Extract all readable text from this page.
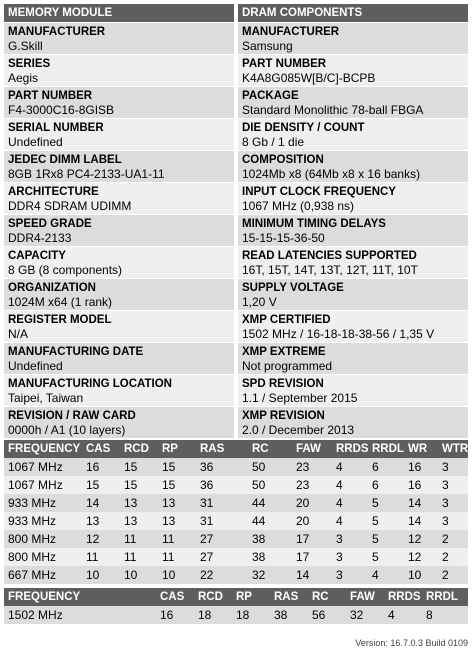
MEMORY MODULE
MANUFACTURER
G.Skill
SERIES
Aegis
PART NUMBER
F4-3000C16-8GISB
SERIAL NUMBER
Undefined
JEDEC DIMM LABEL
8GB 1Rx8 PC4-2133-UA1-11
ARCHITECTURE
DDR4 SDRAM UDIMM
SPEED GRADE
DDR4-2133
CAPACITY
8 GB (8 components)
ORGANIZATION
1024M x64 (1 rank)
REGISTER MODEL
N/A
MANUFACTURING DATE
Undefined
MANUFACTURING LOCATION
Taipei, Taiwan
REVISION / RAW CARD
0000h / A1 (10 layers)
DRAM COMPONENTS
MANUFACTURER
Samsung
PART NUMBER
K4A8G085W[B/C]-BCPB
PACKAGE
Standard Monolithic 78-ball FBGA
DIE DENSITY / COUNT
8 Gb / 1 die
COMPOSITION
1024Mb x8 (64Mb x8 x 16 banks)
INPUT CLOCK FREQUENCY
1067 MHz (0,938 ns)
MINIMUM TIMING DELAYS
15-15-15-36-50
READ LATENCIES SUPPORTED
16T, 15T, 14T, 13T, 12T, 11T, 10T
SUPPLY VOLTAGE
1,20 V
XMP CERTIFIED
1502 MHz / 16-18-18-38-56 / 1,35 V
XMP EXTREME
Not programmed
SPD REVISION
1.1 / September 2015
XMP REVISION
2.0 / December 2013
FREQUENCY CAS	RCD	RP	RAS	RC	FAW	RRDS RRDL WR	WTRS
1067 MHz	16	15	15	36	50	23	4	6	16	3
1067 MHz	15	15	15	36	50	23	4	6	16	3
933 MHz	14	13	13	31	44	20	4	5	14	3
933 MHz	13	13	13	31	44	20	4	5	14	3
800 MHz	12	11	11	27	38	17	3	5	12	2
800 MHz	11	11	11	27	38	17	3	5	12	2
667 MHz	10	10	10	22	32	14	3	4	10	2
FREQUENCY	CAS	RCD	RP	RAS	RC	FAW	RRDS RRDL
1502 MHz	16	18	18	38	56	32	4	8
Version: 16.7.0.3 Build 0109
